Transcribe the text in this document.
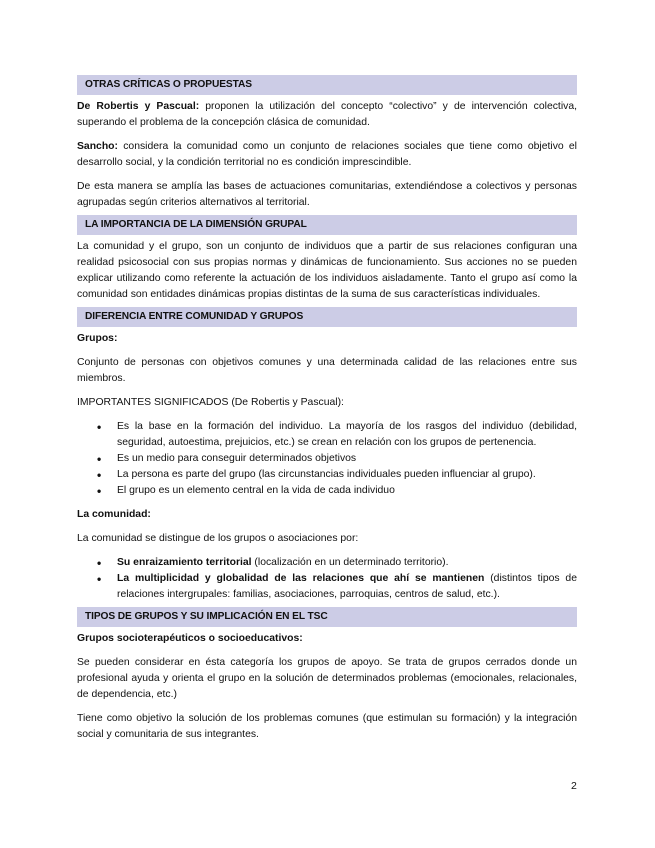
OTRAS CRÍTICAS O PROPUESTAS

De Robertis y Pascual: proponen la utilización del concepto “colectivo” y de intervención colectiva, superando el problema de la concepción clásica de comunidad.

Sancho: considera la comunidad como un conjunto de relaciones sociales que tiene como objetivo el desarrollo social, y la condición territorial no es condición imprescindible.

De esta manera se amplía las bases de actuaciones comunitarias, extendiéndose a colectivos y personas agrupadas según criterios alternativos al territorial.

LA IMPORTANCIA DE LA DIMENSIÓN GRUPAL

La comunidad y el grupo, son un conjunto de individuos que a partir de sus relaciones configuran una realidad psicosocial con sus propias normas y dinámicas de funcionamiento. Sus acciones no se pueden explicar utilizando como referente la actuación de los individuos aisladamente. Tanto el grupo así como la comunidad son entidades dinámicas propias distintas de la suma de sus características individuales.

DIFERENCIA ENTRE COMUNIDAD Y GRUPOS

Grupos:

Conjunto de personas con objetivos comunes y una determinada calidad de las relaciones entre sus miembros.

IMPORTANTES SIGNIFICADOS (De Robertis y Pascual):

• Es la base en la formación del individuo. La mayoría de los rasgos del individuo (debilidad, seguridad, autoestima, prejuicios, etc.) se crean en relación con los grupos de pertenencia.
• Es un medio para conseguir determinados objetivos
• La persona es parte del grupo (las circunstancias individuales pueden influenciar al grupo).
• El grupo es un elemento central en la vida de cada individuo

La comunidad:

La comunidad se distingue de los grupos o asociaciones por:

• Su enraizamiento territorial (localización en un determinado territorio).
• La multiplicidad y globalidad de las relaciones que ahí se mantienen (distintos tipos de relaciones intergrupales: familias, asociaciones, parroquias, centros de salud, etc.).
TIPOS DE GRUPOS Y SU IMPLICACIÓN EN EL TSC

Grupos socioterapéuticos o socioeducativos:

Se pueden considerar en ésta categoría los grupos de apoyo. Se trata de grupos cerrados donde un profesional ayuda y orienta el grupo en la solución de determinados problemas (emocionales, relacionales, de dependencia, etc.)

Tiene como objetivo la solución de los problemas comunes (que estimulan su formación) y la integración social y comunitaria de sus integrantes.

2
